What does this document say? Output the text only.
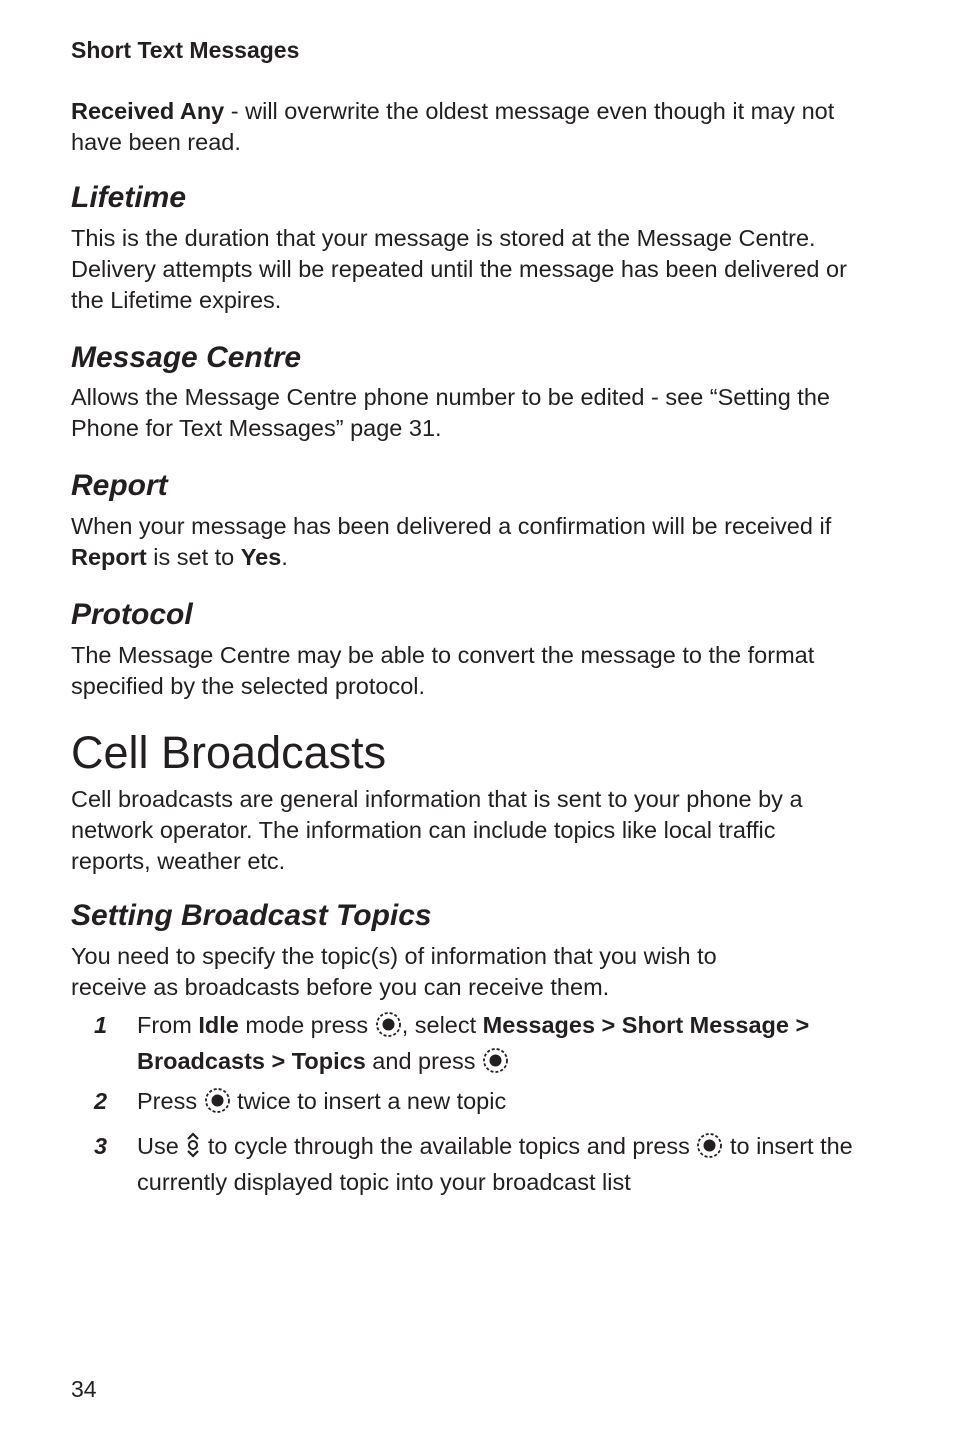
Short Text Messages

Received Any - will overwrite the oldest message even though it may not have been read.

Lifetime

This is the duration that your message is stored at the Message Centre. Delivery attempts will be repeated until the message has been delivered or the Lifetime expires.

Message Centre

Allows the Message Centre phone number to be edited - see “Setting the Phone for Text Messages” page 31.

Report

When your message has been delivered a confirmation will be received if Report is set to Yes.

Protocol

The Message Centre may be able to convert the message to the format specified by the selected protocol.

Cell Broadcasts

Cell broadcasts are general information that is sent to your phone by a network operator. The information can include topics like local traffic reports, weather etc.

Setting Broadcast Topics

You need to specify the topic(s) of information that you wish to receive as broadcasts before you can receive them.

1 From Idle mode press , select Messages > Short Message > Broadcasts > Topics and press
2 Press  twice to insert a new topic
3 Use  to cycle through the available topics and press  to insert the currently displayed topic into your broadcast list
34
